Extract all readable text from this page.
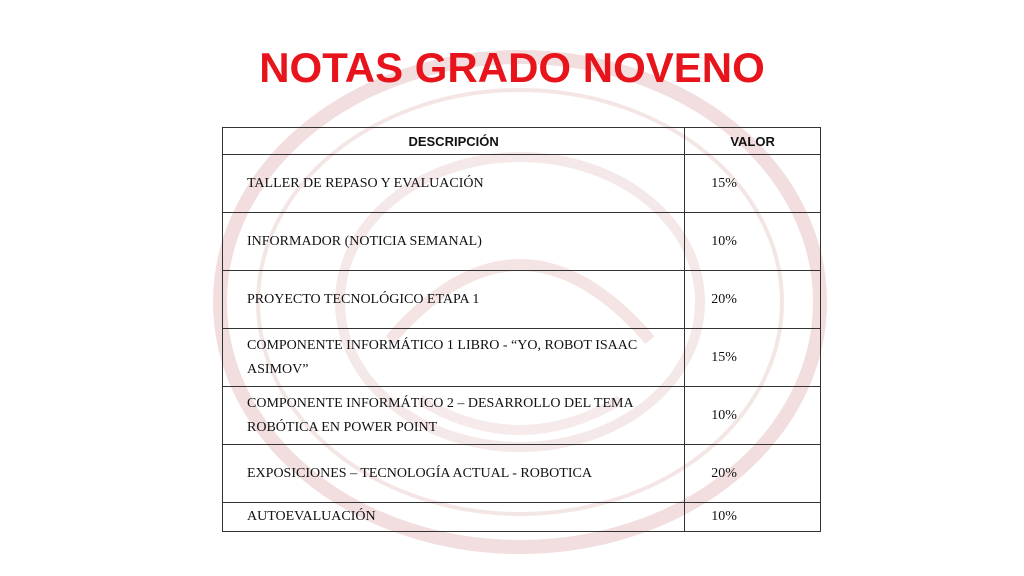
NOTAS GRADO NOVENO
DESCRIPCIÓN	VALOR
TALLER DE REPASO Y EVALUACIÓN	15%
INFORMADOR (NOTICIA SEMANAL)	10%
PROYECTO TECNOLÓGICO ETAPA 1	20%
COMPONENTE INFORMÁTICO 1 LIBRO - “YO, ROBOT ISAAC ASIMOV”	15%
COMPONENTE INFORMÁTICO 2 – DESARROLLO DEL TEMA ROBÓTICA EN POWER POINT	10%
EXPOSICIONES – TECNOLOGÍA ACTUAL - ROBOTICA	20%
AUTOEVALUACIÓN	10%
